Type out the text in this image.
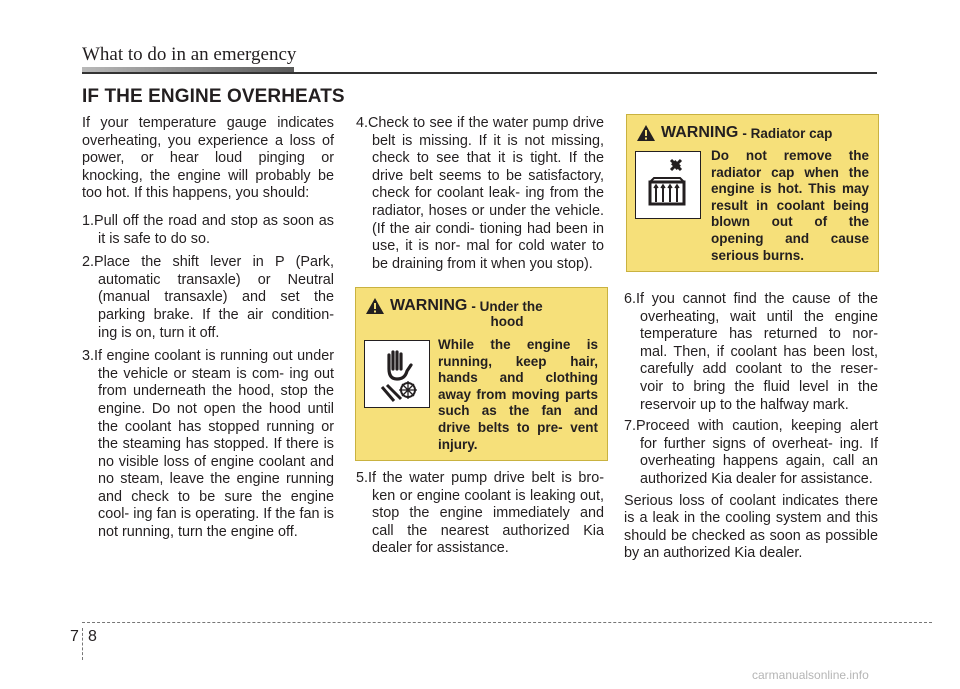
What to do in an emergency
IF THE ENGINE OVERHEATS

If your temperature gauge indicates overheating, you experience a loss of power, or hear loud pinging or knocking, the engine will probably be too hot. If this happens, you should:

1.Pull off the road and stop as soon as it is safe to do so.

2.Place the shift lever in P (Park, automatic transaxle) or Neutral (manual transaxle) and set the parking brake. If the air condition- ing is on, turn it off.

3.If engine coolant is running out under the vehicle or steam is com- ing out from underneath the hood, stop the engine. Do not open the hood until the coolant has stopped running or the steaming has stopped. If there is no visible loss of engine coolant and no steam, leave the engine running and check to be sure the engine cool- ing fan is operating. If the fan is not running, turn the engine off.

4.Check to see if the water pump drive belt is missing. If it is not missing, check to see that it is tight. If the drive belt seems to be satisfactory, check for coolant leak- ing from the radiator, hoses or under the vehicle. (If the air condi- tioning had been in use, it is nor- mal for cold water to be draining from it when you stop).

WARNING - Under the
hood
While the engine is running, keep hair, hands and clothing away from moving parts such as the fan and drive belts to pre- vent injury.

5.If the water pump drive belt is bro- ken or engine coolant is leaking out, stop the engine immediately and call the nearest authorized Kia dealer for assistance.

WARNING - Radiator cap
Do not remove the radiator cap when the engine is hot. This may result in coolant being blown out of the opening and cause serious burns.

6.If you cannot find the cause of the overheating, wait until the engine temperature has returned to nor- mal. Then, if coolant has been lost, carefully add coolant to the reser- voir to bring the fluid level in the reservoir up to the halfway mark.

7.Proceed with caution, keeping alert for further signs of overheat- ing. If overheating happens again, call an authorized Kia dealer for assistance.

Serious loss of coolant indicates there is a leak in the cooling system and this should be checked as soon as possible by an authorized Kia dealer.

7 8
carmanualsonline.info
